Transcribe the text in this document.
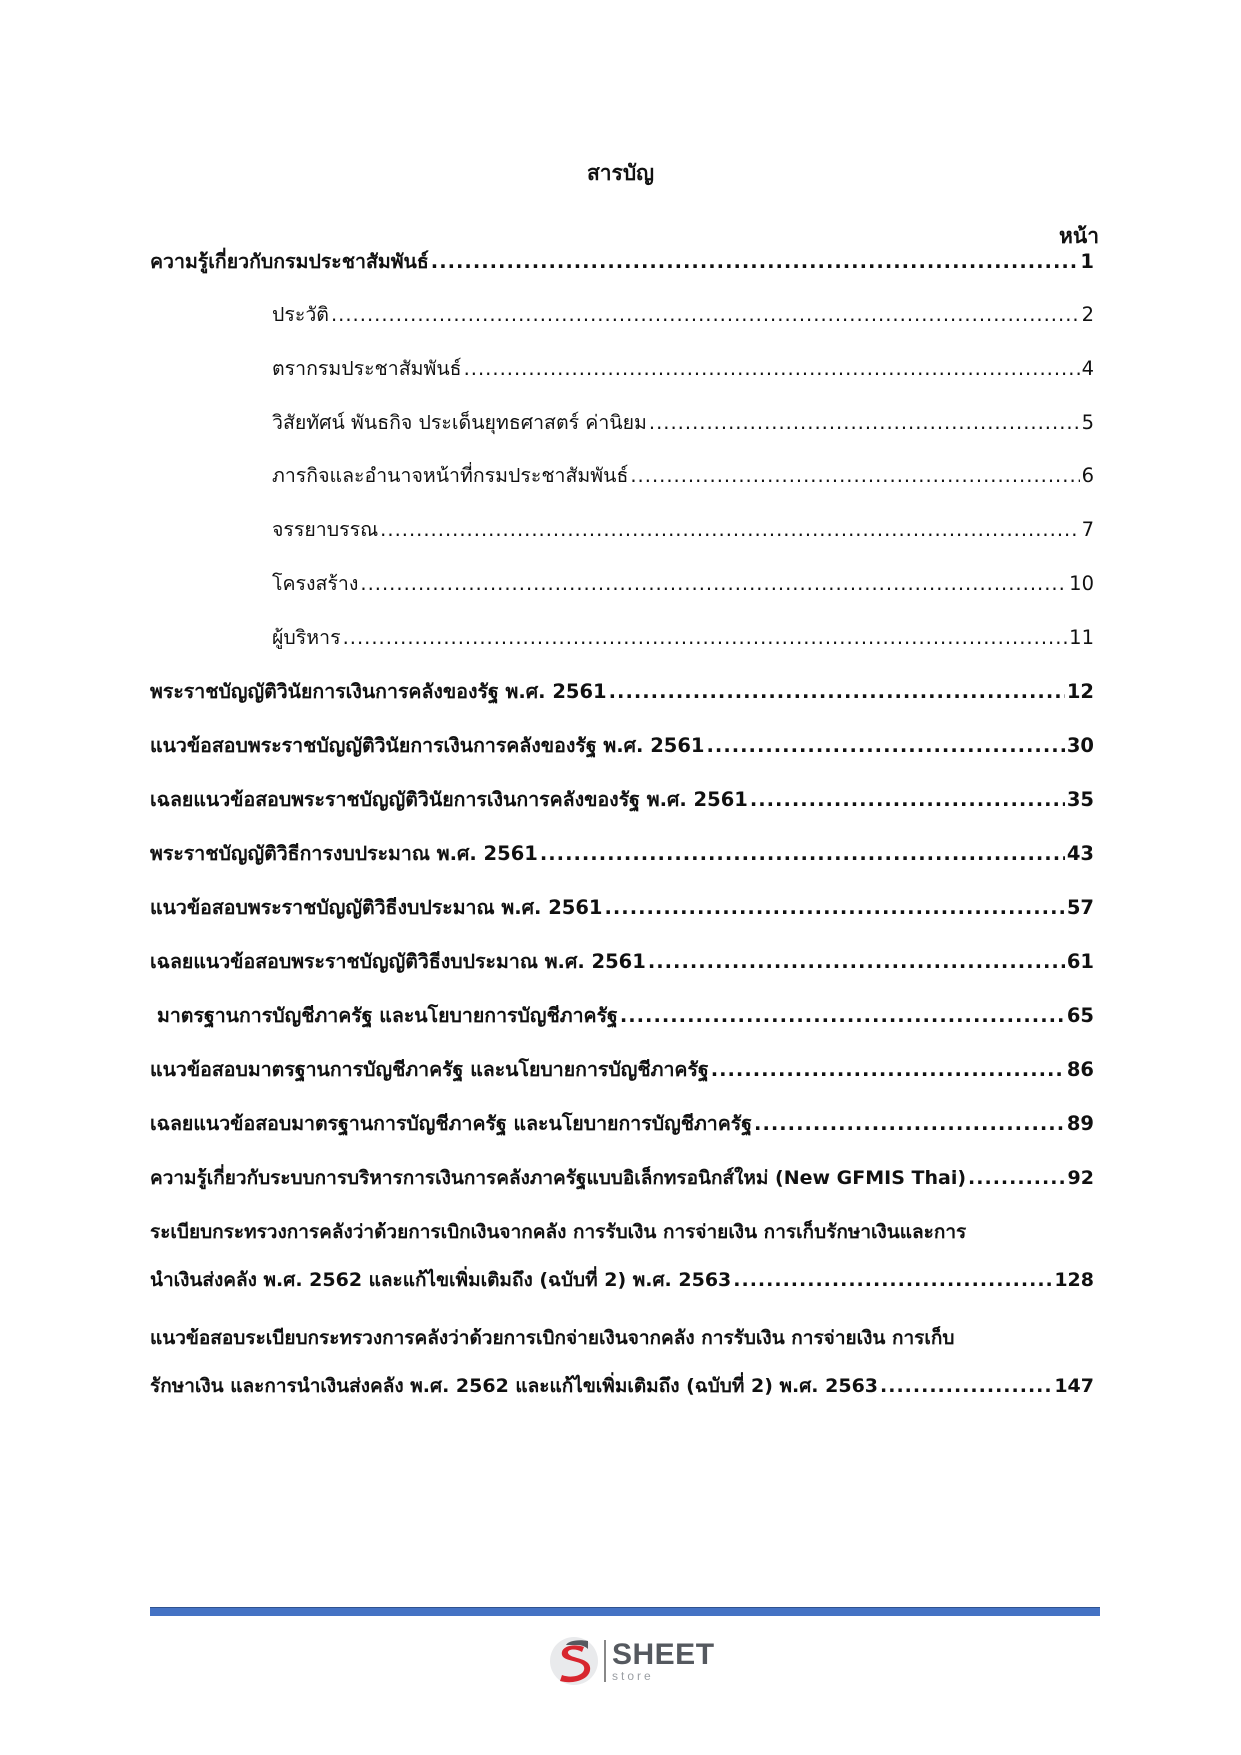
สารบัญ
หน้า
ความรู้เกี่ยวกับกรมประชาสัมพันธ์ .....	1
ประวัติ .....	2
ตรากรมประชาสัมพันธ์ .....	4
วิสัยทัศน์ พันธกิจ ประเด็นยุทธศาสตร์ ค่านิยม .....	5
ภารกิจและอำนาจหน้าที่กรมประชาสัมพันธ์ .....	6
จรรยาบรรณ .....	7
โครงสร้าง .....	10
ผู้บริหาร .....	11
พระราชบัญญัติวินัยการเงินการคลังของรัฐ พ.ศ. 2561 .....	12
แนวข้อสอบพระราชบัญญัติวินัยการเงินการคลังของรัฐ พ.ศ. 2561 .....	30
เฉลยแนวข้อสอบพระราชบัญญัติวินัยการเงินการคลังของรัฐ พ.ศ. 2561 .....	35
พระราชบัญญัติวิธีการงบประมาณ พ.ศ. 2561 .....	43
แนวข้อสอบพระราชบัญญัติวิธีงบประมาณ พ.ศ. 2561 .....	57
เฉลยแนวข้อสอบพระราชบัญญัติวิธีงบประมาณ พ.ศ. 2561 .....	61
มาตรฐานการบัญชีภาครัฐ และนโยบายการบัญชีภาครัฐ .....	65
แนวข้อสอบมาตรฐานการบัญชีภาครัฐ และนโยบายการบัญชีภาครัฐ .....	86
เฉลยแนวข้อสอบมาตรฐานการบัญชีภาครัฐ และนโยบายการบัญชีภาครัฐ .....	89
ความรู้เกี่ยวกับระบบการบริหารการเงินการคลังภาครัฐแบบอิเล็กทรอนิกส์ใหม่ (New GFMIS Thai) .....	92
ระเบียบกระทรวงการคลังว่าด้วยการเบิกเงินจากคลัง การรับเงิน การจ่ายเงิน การเก็บรักษาเงินและการ
นำเงินส่งคลัง พ.ศ. 2562 และแก้ไขเพิ่มเติมถึง (ฉบับที่ 2) พ.ศ. 2563 .....	128
แนวข้อสอบระเบียบกระทรวงการคลังว่าด้วยการเบิกจ่ายเงินจากคลัง การรับเงิน การจ่ายเงิน การเก็บ
รักษาเงิน และการนำเงินส่งคลัง พ.ศ. 2562 และแก้ไขเพิ่มเติมถึง (ฉบับที่ 2) พ.ศ. 2563 .....	147
SHEET
store
